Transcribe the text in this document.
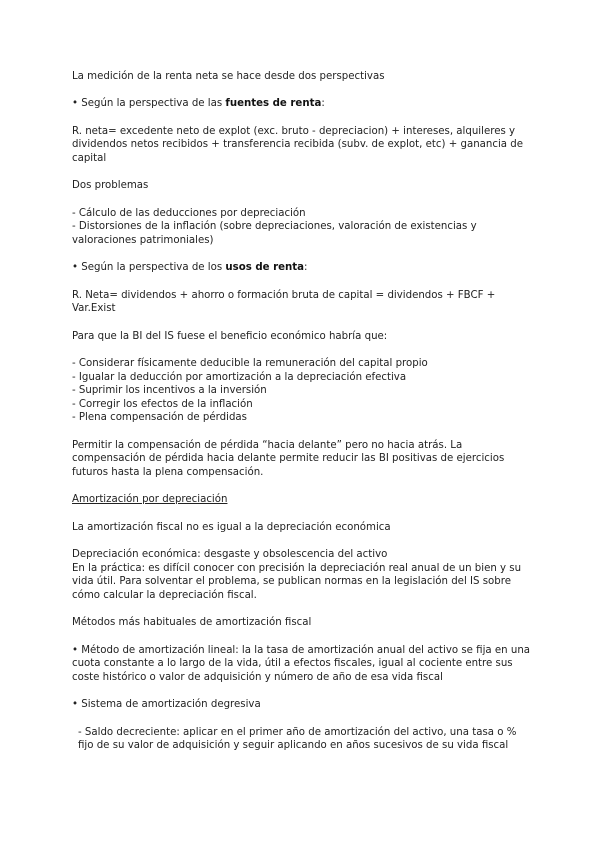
La medición de la renta neta se hace desde dos perspectivas

• Según la perspectiva de las fuentes de renta:

R. neta= excedente neto de explot (exc. bruto - depreciacion) + intereses, alquileres y dividendos netos recibidos + transferencia recibida (subv. de explot, etc) + ganancia de capital

Dos problemas

- Cálculo de las deducciones por depreciación
- Distorsiones de la inflación (sobre depreciaciones, valoración de existencias y valoraciones patrimoniales)

• Según la perspectiva de los usos de renta:

R. Neta= dividendos + ahorro o formación bruta de capital = dividendos + FBCF + Var.Exist

Para que la BI del IS fuese el beneficio económico habría que:

- Considerar físicamente deducible la remuneración del capital propio
- Igualar la deducción por amortización a la depreciación efectiva
- Suprimir los incentivos a la inversión
- Corregir los efectos de la inflación
- Plena compensación de pérdidas

Permitir la compensación de pérdida “hacia delante” pero no hacia atrás. La compensación de pérdida hacia delante permite reducir las BI positivas de ejercicios futuros hasta la plena compensación.

Amortización por depreciación

La amortización fiscal no es igual a la depreciación económica

Depreciación económica: desgaste y obsolescencia del activo
En la práctica: es difícil conocer con precisión la depreciación real anual de un bien y su vida útil. Para solventar el problema, se publican normas en la legislación del IS sobre cómo calcular la depreciación fiscal.

Métodos más habituales de amortización fiscal

• Método de amortización lineal: la la tasa de amortización anual del activo se fija en una cuota constante a lo largo de la vida, útil a efectos fiscales, igual al cociente entre sus coste histórico o valor de adquisición y número de año de esa vida fiscal

• Sistema de amortización degresiva

- Saldo decreciente: aplicar en el primer año de amortización del activo, una tasa o % fijo de su valor de adquisición y seguir aplicando en años sucesivos de su vida fiscal
